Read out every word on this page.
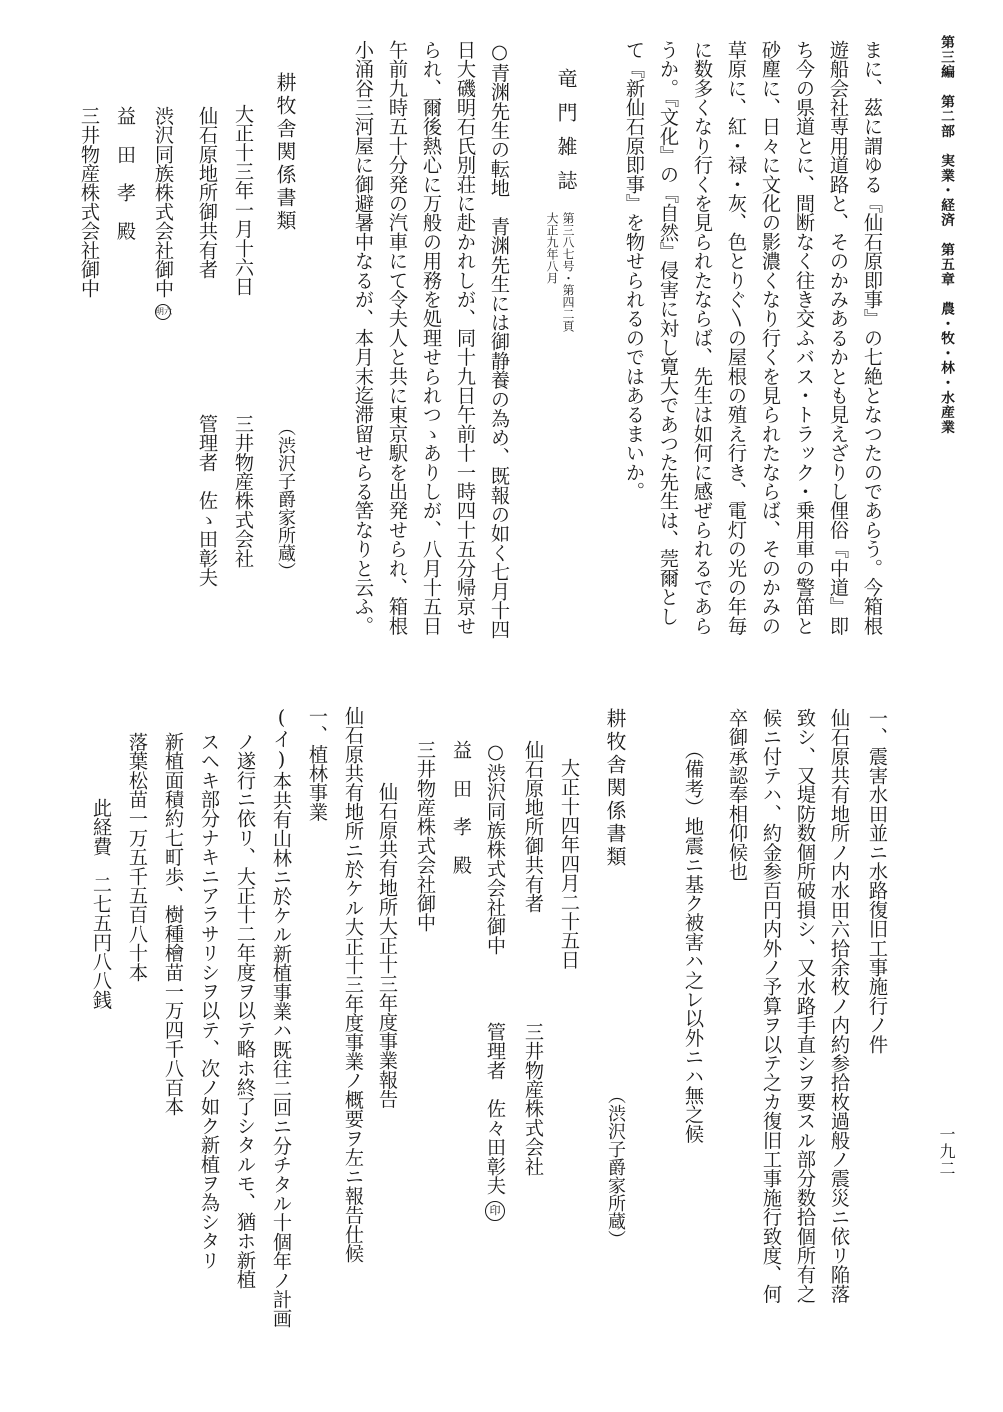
第三編　第二部　実業・経済　第五章　農・牧・林・水産業
一九二
まに、茲に謂ゆる『仙石原即事』の七絶となつたのであらう。今箱根
遊船会社専用道路と、そのかみあるかとも見えざりし俚俗『中道』即
ち今の県道とに、間断なく往き交ふバス・トラック・乗用車の警笛と
砂塵に、日々に文化の影濃くなり行くを見られたならば、そのかみの
草原に、紅・禄・灰、色とりぐ〵の屋根の殖え行き、電灯の光の年毎
に数多くなり行くを見られたならば、先生は如何に感ぜられるであら
うか。『文化』の『自然』侵害に対し寛大であつた先生は、莞爾とし
て『新仙石原即事』を物せられるのではあるまいか。
竜門雑誌
第三八七号・第四二頁
大正九年八月
○青渊先生の転地　青渊先生には御静養の為め、既報の如く七月十四
日大磯明石氏別荘に赴かれしが、同十九日午前十一時四十五分帰京せ
られ、爾後熱心に万般の用務を処理せられつゝありしが、八月十五日
午前九時五十分発の汽車にて令夫人と共に東京駅を出発せられ、箱根
小涌谷三河屋に御避暑中なるが、本月末迄滞留せらる筈なりと云ふ。
耕牧舎関係書類
（渋沢子爵家所蔵）
大正十三年一月十六日
三井物産株式会社
仙石原地所御共有者
管理者　佐ゝ田彰夫
渋沢同族株式会社御中明六
益　田　孝　殿
三井物産株式会社御中
一、震害水田並ニ水路復旧工事施行ノ件
仙石原共有地所ノ内水田六拾余枚ノ内約参拾枚過般ノ震災ニ依リ陥落
致シ、又堤防数個所破損シ、又水路手直シヲ要スル部分数拾個所有之
候ニ付テハ、約金参百円内外ノ予算ヲ以テ之カ復旧工事施行致度、何
卒御承認奉相仰候也
（備考）地震ニ基ク被害ハ之レ以外ニハ無之候
耕牧舎関係書類
（渋沢子爵家所蔵）
大正十四年四月二十五日
三井物産株式会社
仙石原地所御共有者
○渋沢同族株式会社御中
管理者　佐々田彰夫印
益　田　孝　殿
三井物産株式会社御中
仙石原共有地所大正十三年度事業報告
仙石原共有地所ニ於ケル大正十三年度事業ノ概要ヲ左ニ報告仕候
一、植林事業
(イ)本共有山林ニ於ケル新植事業ハ既往二回ニ分チタル十個年ノ計画
ノ遂行ニ依リ、大正十二年度ヲ以テ略ホ終了シタルモ、猶ホ新植
スヘキ部分ナキニアラサリシヲ以テ、次ノ如ク新植ヲ為シタリ
新植面積約七町歩、樹種檜苗一万四千八百本
落葉松苗一万五千五百八十本
此経費　二七五円八八銭
